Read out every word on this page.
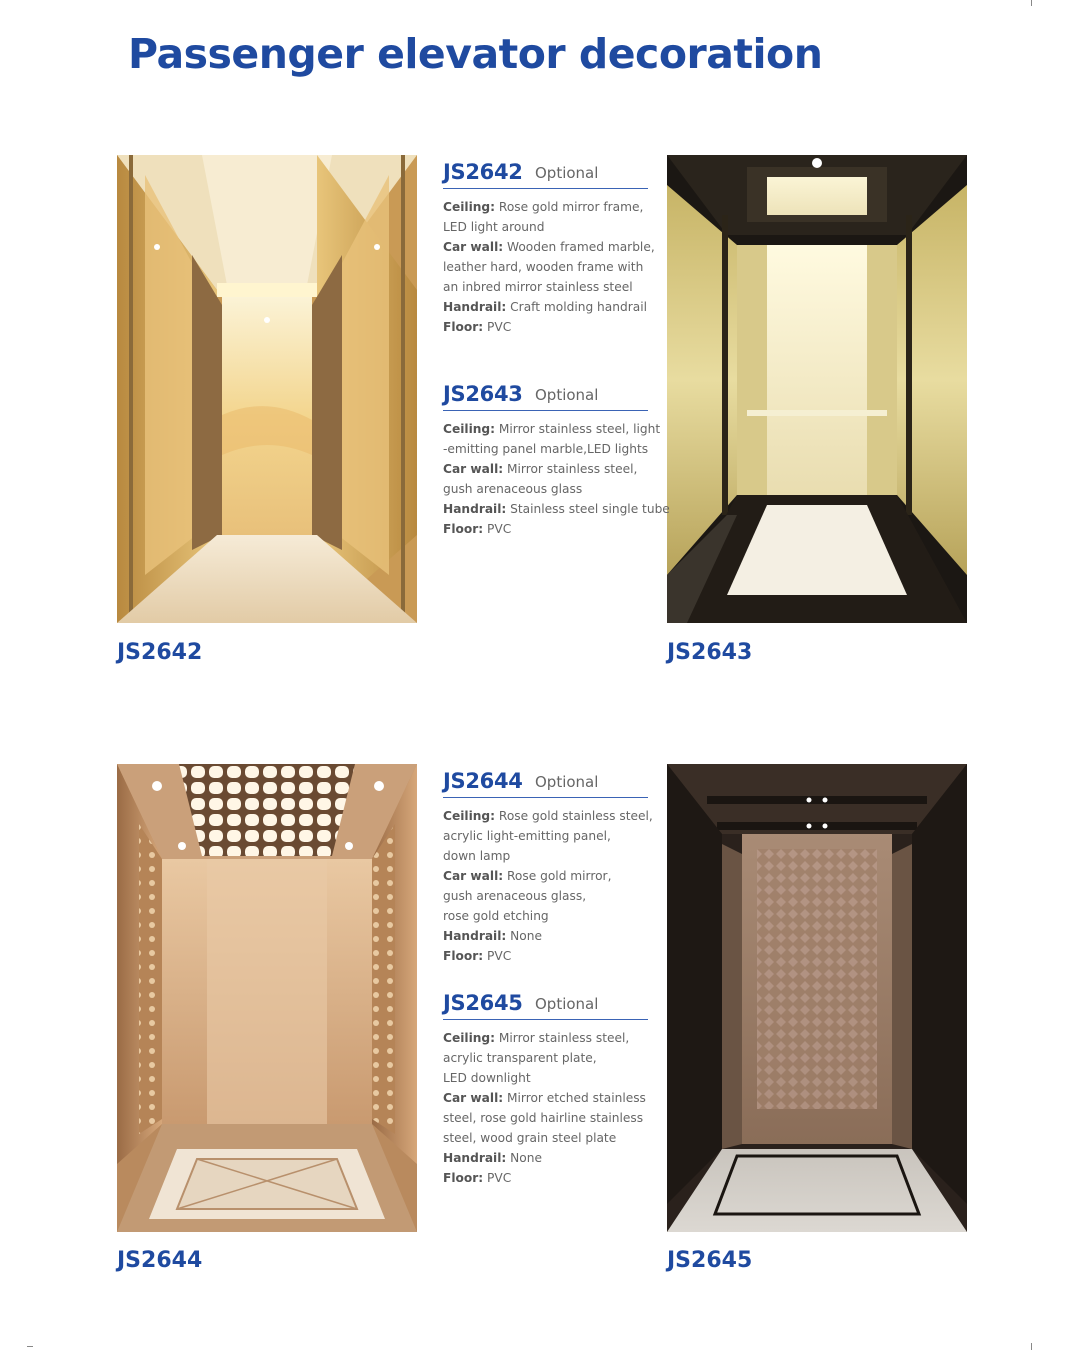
Passenger elevator decoration
JS2642	JS2643
JS2644	JS2645
JS2642 Optional
Ceiling: Rose gold mirror frame,
LED light around
Car wall: Wooden framed marble,
leather hard, wooden frame with
an inbred mirror stainless steel
Handrail: Craft molding handrail
Floor: PVC
JS2643 Optional
Ceiling: Mirror stainless steel, light
-emitting panel marble,LED lights
Car wall: Mirror stainless steel,
gush arenaceous glass
Handrail: Stainless steel single tube
Floor: PVC
JS2644 Optional
Ceiling: Rose gold stainless steel,
acrylic light-emitting panel,
down lamp
Car wall: Rose gold mirror,
gush arenaceous glass,
rose gold etching
Handrail: None
Floor: PVC
JS2645 Optional
Ceiling: Mirror stainless steel,
acrylic transparent plate,
LED downlight
Car wall: Mirror etched stainless
steel, rose gold hairline stainless
steel, wood grain steel plate
Handrail: None
Floor: PVC
